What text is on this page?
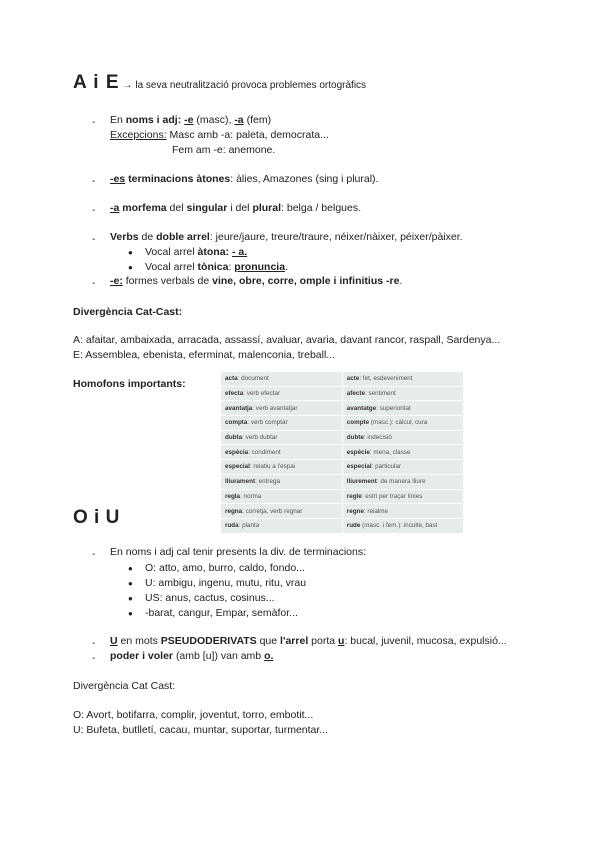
A i E → la seva neutralització provoca problemes ortogràfics
- En noms i adj: -e (masc), -a (fem)
Excepcions: Masc amb -a: paleta, democrata...
Fem am -e: anemone.
- -es terminacions àtones: àlies, Amazones (sing i plural).
- -a morfema del singular i del plural: belga / belgues.
- Verbs de doble arrel: jeure/jaure, treure/traure, néixer/nàixer, péixer/pàixer.
● Vocal arrel àtona: - a.
● Vocal arrel tònica: pronuncia.
- -e: formes verbals de vine, obre, corre, omple i infinitius -re.
Divergència Cat-Cast:
A: afaitar, ambaixada, arracada, assassí, avaluar, avaria, davant rancor, raspall, Sardenya...
E: Assemblea, ebenista, eferminat, malenconia, treball...
Homofons importants:	acta: document	acte: fet, esdeveniment
efecta: verb efectar	afecte: sentiment
avantatja: verb avantatjar	avantatge: superioritat
compta: verb comptar	compte (masc.): càlcul, cura
dubta: verb dubtar	dubte: indecisió
espècia: condiment	espècie: mena, classe
especial: relatiu a l'espai	especial: particular
lliurament: entrega	lliurement: de manera lliure
regla: norma	regle: estri per traçar línies
regna: corretja, verb regnar	regne: reialme
ruda: planta	rude (masc. i fem.): inculte, bast
O i U
- En noms i adj cal tenir presents la div. de terminacions:
● O: atto, amo, burro, caldo, fondo...
● U: ambigu, ingenu, mutu, ritu, vrau
● US: anus, cactus, cosinus...
● -barat, cangur, Empar, semàfor...
- U en mots PSEUDODERIVATS que l'arrel porta u: bucal, juvenil, mucosa, expulsió...
- poder i voler (amb [u]) van amb o.
Divergència Cat Cast:
O: Avort, botifarra, complir, joventut, torro, embotit...
U: Bufeta, butlletí, cacau, muntar, suportar, turmentar...
